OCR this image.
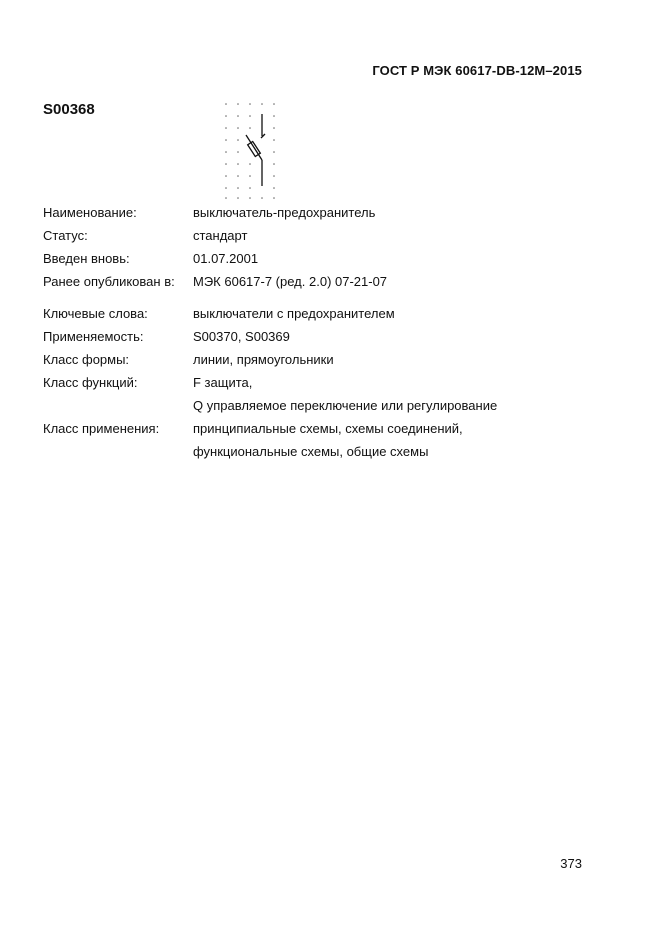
ГОСТ Р МЭК 60617-DB-12M–2015
S00368
Наименование:	выключатель-предохранитель
Статус:	стандарт
Введен вновь:	01.07.2001
Ранее опубликован в: МЭК 60617-7 (ред. 2.0) 07-21-07
Ключевые слова:	выключатели с предохранителем
Применяемость:	S00370, S00369
Класс формы:	линии, прямоугольники
Класс функций:	F защита,
Q управляемое переключение или регулирование
Класс применения:	принципиальные схемы, схемы соединений,
функциональные схемы, общие схемы
373
